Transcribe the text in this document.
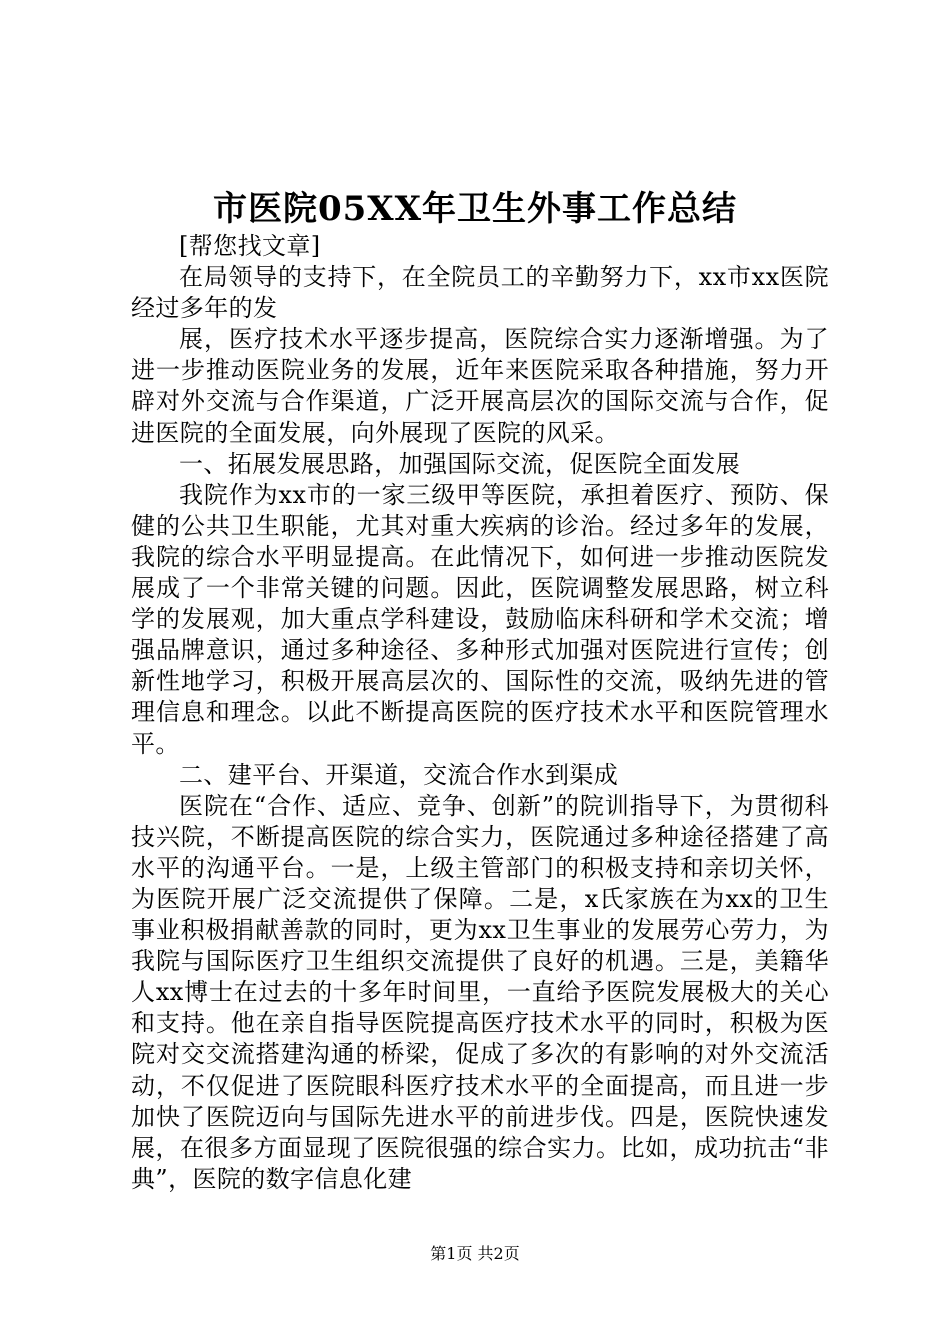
市医院05XX年卫生外事工作总结

[帮您找文章]

在局领导的支持下，在全院员工的辛勤努力下，xx市xx医院经过多年的发

展，医疗技术水平逐步提高，医院综合实力逐渐增强。为了进一步推动医院业务的发展，近年来医院采取各种措施，努力开辟对外交流与合作渠道，广泛开展高层次的国际交流与合作，促进医院的全面发展，向外展现了医院的风采。

一、拓展发展思路，加强国际交流，促医院全面发展

我院作为xx市的一家三级甲等医院，承担着医疗、预防、保健的公共卫生职能，尤其对重大疾病的诊治。经过多年的发展，我院的综合水平明显提高。在此情况下，如何进一步推动医院发展成了一个非常关键的问题。因此，医院调整发展思路，树立科学的发展观，加大重点学科建设，鼓励临床科研和学术交流；增强品牌意识，通过多种途径、多种形式加强对医院进行宣传；创新性地学习，积极开展高层次的、国际性的交流，吸纳先进的管理信息和理念。以此不断提高医院的医疗技术水平和医院管理水平。

二、建平台、开渠道，交流合作水到渠成

医院在“合作、适应、竞争、创新”的院训指导下，为贯彻科技兴院，不断提高医院的综合实力，医院通过多种途径搭建了高水平的沟通平台。一是，上级主管部门的积极支持和亲切关怀，为医院开展广泛交流提供了保障。二是，x氏家族在为xx的卫生事业积极捐献善款的同时，更为xx卫生事业的发展劳心劳力，为我院与国际医疗卫生组织交流提供了良好的机遇。三是，美籍华人xx博士在过去的十多年时间里，一直给予医院发展极大的关心和支持。他在亲自指导医院提高医疗技术水平的同时，积极为医院对交交流搭建沟通的桥梁，促成了多次的有影响的对外交流活动，不仅促进了医院眼科医疗技术水平的全面提高，而且进一步加快了医院迈向与国际先进水平的前进步伐。四是，医院快速发展，在很多方面显现了医院很强的综合实力。比如，成功抗击“非典”，医院的数字信息化建

第1页 共2页
